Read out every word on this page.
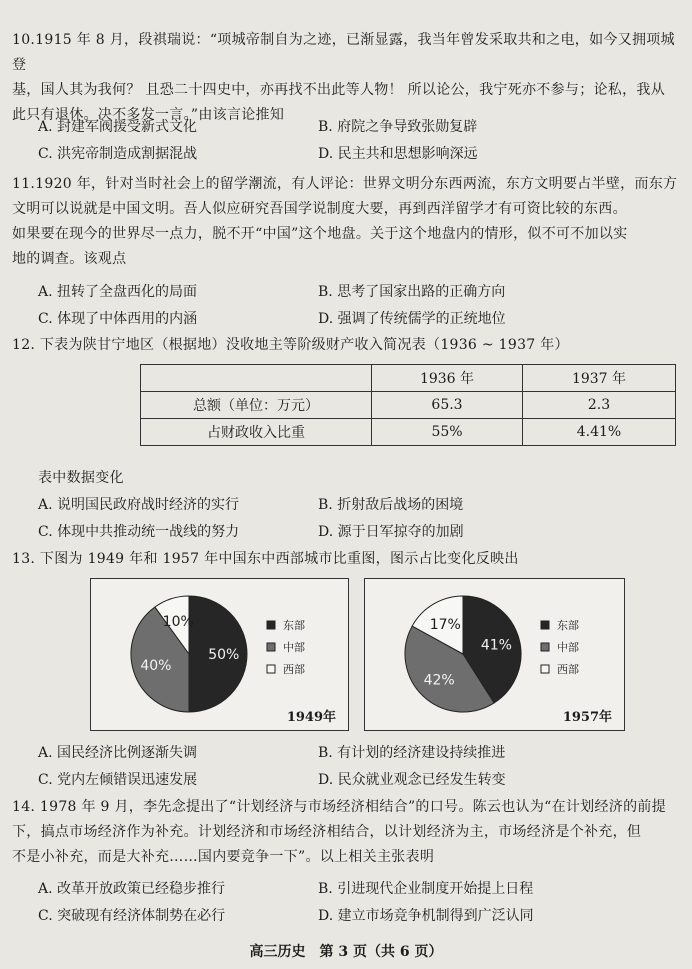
10.1915 年 8 月，段祺瑞说：“项城帝制自为之迹，已渐显露，我当年曾发采取共和之电，如今又拥项城登

基，国人其为我何？ 且恐二十四史中，亦再找不出此等人物！ 所以论公，我宁死亦不参与；论私，我从

此只有退休。决不多发一言。”由该言论推知

A. 封建军阀援受新式文化	B. 府院之争导致张勋复辟
C. 洪宪帝制造成割据混战	D. 民主共和思想影响深远

11.1920 年，针对当时社会上的留学潮流，有人评论：世界文明分东西两流，东方文明要占半壁，而东方

文明可以说就是中国文明。吾人似应研究吾国学说制度大要，再到西洋留学才有可资比较的东西。

如果要在现今的世界尽一点力，脱不开“中国”这个地盘。关于这个地盘内的情形，似不可不加以实

地的调查。该观点

A. 扭转了全盘西化的局面	B. 思考了国家出路的正确方向
C. 体现了中体西用的内涵	D. 强调了传统儒学的正统地位

12. 下表为陕甘宁地区（根据地）没收地主等阶级财产收入简况表（1936 ~ 1937 年）

	1936 年	1937 年
总额（单位：万元）	65.3	2.3
占财政收入比重	55%	4.41%

表中数据变化

A. 说明国民政府战时经济的实行	B. 折射敌后战场的困境
C. 体现中共推动统一战线的努力	D. 源于日军掠夺的加剧

13. 下图为 1949 年和 1957 年中国东中西部城市比重图，图示占比变化反映出

50%
40%
10%	东部
中部
西部
1949年
41%
42%
17%	东部
中部
西部
1957年
A. 国民经济比例逐渐失调	B. 有计划的经济建设持续推进
C. 党内左倾错误迅速发展	D. 民众就业观念已经发生转变

14. 1978 年 9 月，李先念提出了“计划经济与市场经济相结合”的口号。陈云也认为“在计划经济的前提

下，搞点市场经济作为补充。计划经济和市场经济相结合，以计划经济为主，市场经济是个补充，但

不是小补充，而是大补充……国内要竞争一下”。以上相关主张表明

A. 改革开放政策已经稳步推行	B. 引进现代企业制度开始提上日程
C. 突破现有经济体制势在必行	D. 建立市场竞争机制得到广泛认同
高三历史　第 3 页（共 6 页）
